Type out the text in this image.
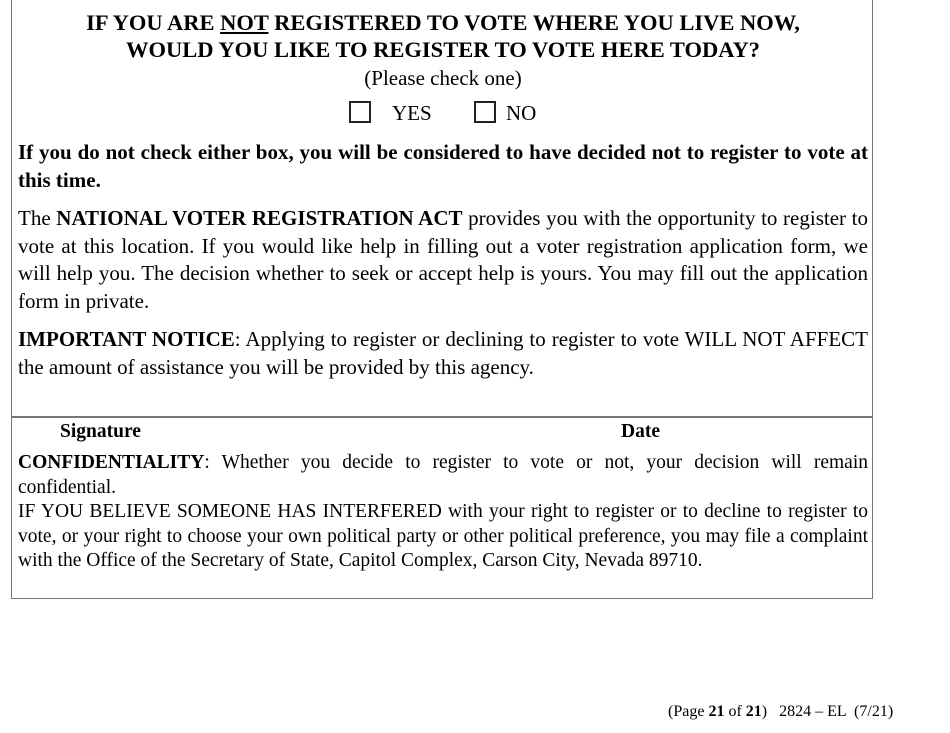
IF YOU ARE NOT REGISTERED TO VOTE WHERE YOU LIVE NOW,
WOULD YOU LIKE TO REGISTER TO VOTE HERE TODAY?
(Please check one)
YES	NO
If you do not check either box, you will be considered to have decided not to register to vote at this time.
The NATIONAL VOTER REGISTRATION ACT provides you with the opportunity to register to vote at this location. If you would like help in filling out a voter registration application form, we will help you. The decision whether to seek or accept help is yours. You may fill out the application form in private.
IMPORTANT NOTICE: Applying to register or declining to register to vote WILL NOT AFFECT the amount of assistance you will be provided by this agency.
Signature	Date
CONFIDENTIALITY: Whether you decide to register to vote or not, your decision will remain confidential.
IF YOU BELIEVE SOMEONE HAS INTERFERED with your right to register or to decline to register to vote, or your right to choose your own political party or other political preference, you may file a complaint with the Office of the Secretary of State, Capitol Complex, Carson City, Nevada 89710.
(Page 21 of 21)   2824 – EL  (7/21)
